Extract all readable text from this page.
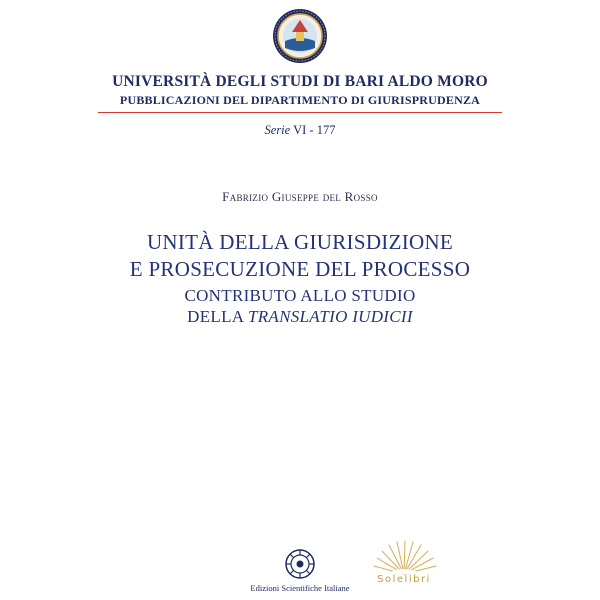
UNIVERSITÀ DEGLI STUDI DI BARI ALDO MORO
PUBBLICAZIONI DEL DIPARTIMENTO DI GIURISPRUDENZA
Serie VI - 177
Fabrizio Giuseppe del Rosso
UNITÀ DELLA GIURISDIZIONE
E PROSECUZIONE DEL PROCESSO
CONTRIBUTO ALLO STUDIO
DELLA TRANSLATIO IUDICII
Edizioni Scientifiche Italiane
Solelibri
